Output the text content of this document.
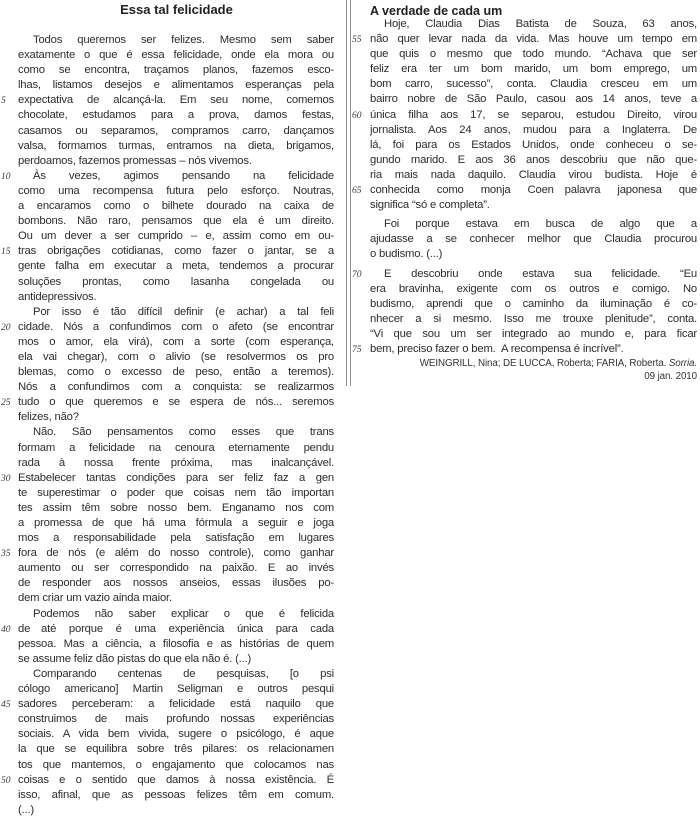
Essa tal felicidade
Todos queremos ser felizes. Mesmo sem saber
exatamente o que é essa felicidade, onde ela mora ou
como se encontra, traçamos planos, fazemos esco-
lhas, listamos desejos e alimentamos esperanças pela
5 expectativa de alcançá-la. Em seu nome, comemos
chocolate, estudamos para a prova, damos festas,
casamos ou separamos, compramos carro, dançamos
valsa, formamos turmas, entramos na dieta, brigamos,
perdoamos, fazemos promessas – nós vivemos.
10 Às vezes, agimos pensando na felicidade
como uma recompensa futura pelo esforço. Noutras,
a encaramos como o bilhete dourado na caixa de
bombons. Não raro, pensamos que ela é um direito.
Ou um dever a ser cumprido – e, assim como em ou-
15 tras obrigações cotidianas, como fazer o jantar, se a
gente falha em executar a meta, tendemos a procurar
soluções prontas, como lasanha congelada ou
antidepressivos.
Por isso é tão difícil definir (e achar) a tal feli
20 cidade. Nós a confundimos com o afeto (se encontrar
mos o amor, ela virá), com a sorte (com esperança,
ela vai chegar), com o alivio (se resolvermos os pro
blemas, como o excesso de peso, então a teremos).
Nós a confundimos com a conquista: se realizarmos
25 tudo o que queremos e se espera de nós... seremos
felizes, não?
Não. São pensamentos como esses que trans
formam a felicidade na cenoura eternamente pendu
rada à nossa frente  próxima, mas inalcançável.
30 Estabelecer tantas condições para ser feliz faz a gen
te superestimar o poder que coisas nem tão importan
tes assim têm sobre nosso bem. Enganamo nos com
a promessa de que há uma fórmula a seguir e joga
mos a responsabilidade pela satisfação em lugares
35 fora de nós (e além do nosso controle), como ganhar
aumento ou ser correspondido na paixão. E ao invés
de responder aos nossos anseios, essas ilusões po-
dem criar um vazio ainda maior.
Podemos não saber explicar o que é felicida
40 de  até porque é uma experiência única para cada
pessoa. Mas a ciência, a filosofia e as histórias de quem
se assume feliz dão pistas do que ela não é. (...)
Comparando centenas de pesquisas, [o psi
cólogo americano] Martin Seligman e outros pesqui
45 sadores perceberam: a felicidade está naquilo que
construimos de mais profundo  nossas experiências
sociais. A vida bem vivida, sugere o psicólogo, é aque
la que se equilibra sobre três pilares: os relacionamen
tos que mantemos, o engajamento que colocamos nas
50 coisas e o sentido que damos à nossa existência. É
isso, afinal, que as pessoas felizes têm em comum.
(...)
A verdade de cada um
Hoje, Claudia Dias Batista de Souza, 63 anos,
55 não quer levar nada da vida. Mas houve um tempo em
que quis o mesmo que todo mundo. “Achava que ser
feliz era ter um bom marido, um bom emprego, um
bom carro, sucesso”, conta. Claudia cresceu em um
bairro nobre de São Paulo, casou aos 14 anos, teve a
60 única filha aos 17, se separou, estudou Direito, virou
jornalista. Aos 24 anos, mudou para a Inglaterra. De
lá, foi para os Estados Unidos, onde conheceu o se-
gundo marido. E aos 36 anos descobriu que não que-
ria mais nada daquilo. Claudia virou budista. Hoje é
65 conhecida como monja Coen  palavra japonesa que
significa “só e completa”.
Foi porque estava em busca de algo que a
ajudasse a se conhecer melhor que Claudia procurou
o budismo. (...)
70 E descobriu onde estava sua felicidade. “Eu
era bravinha, exigente com os outros e comigo. No
budismo, aprendi que o caminho da iluminação é co-
nhecer a si mesmo. Isso me trouxe plenitude”, conta.
“Vi que sou um ser integrado ao mundo e, para ficar
75 bem, preciso fazer o bem. A recompensa é incrível”.
WEINGRILL, Nina; DE LUCCA, Roberta; FARIA, Roberta. Sorria.
09 jan. 2010
